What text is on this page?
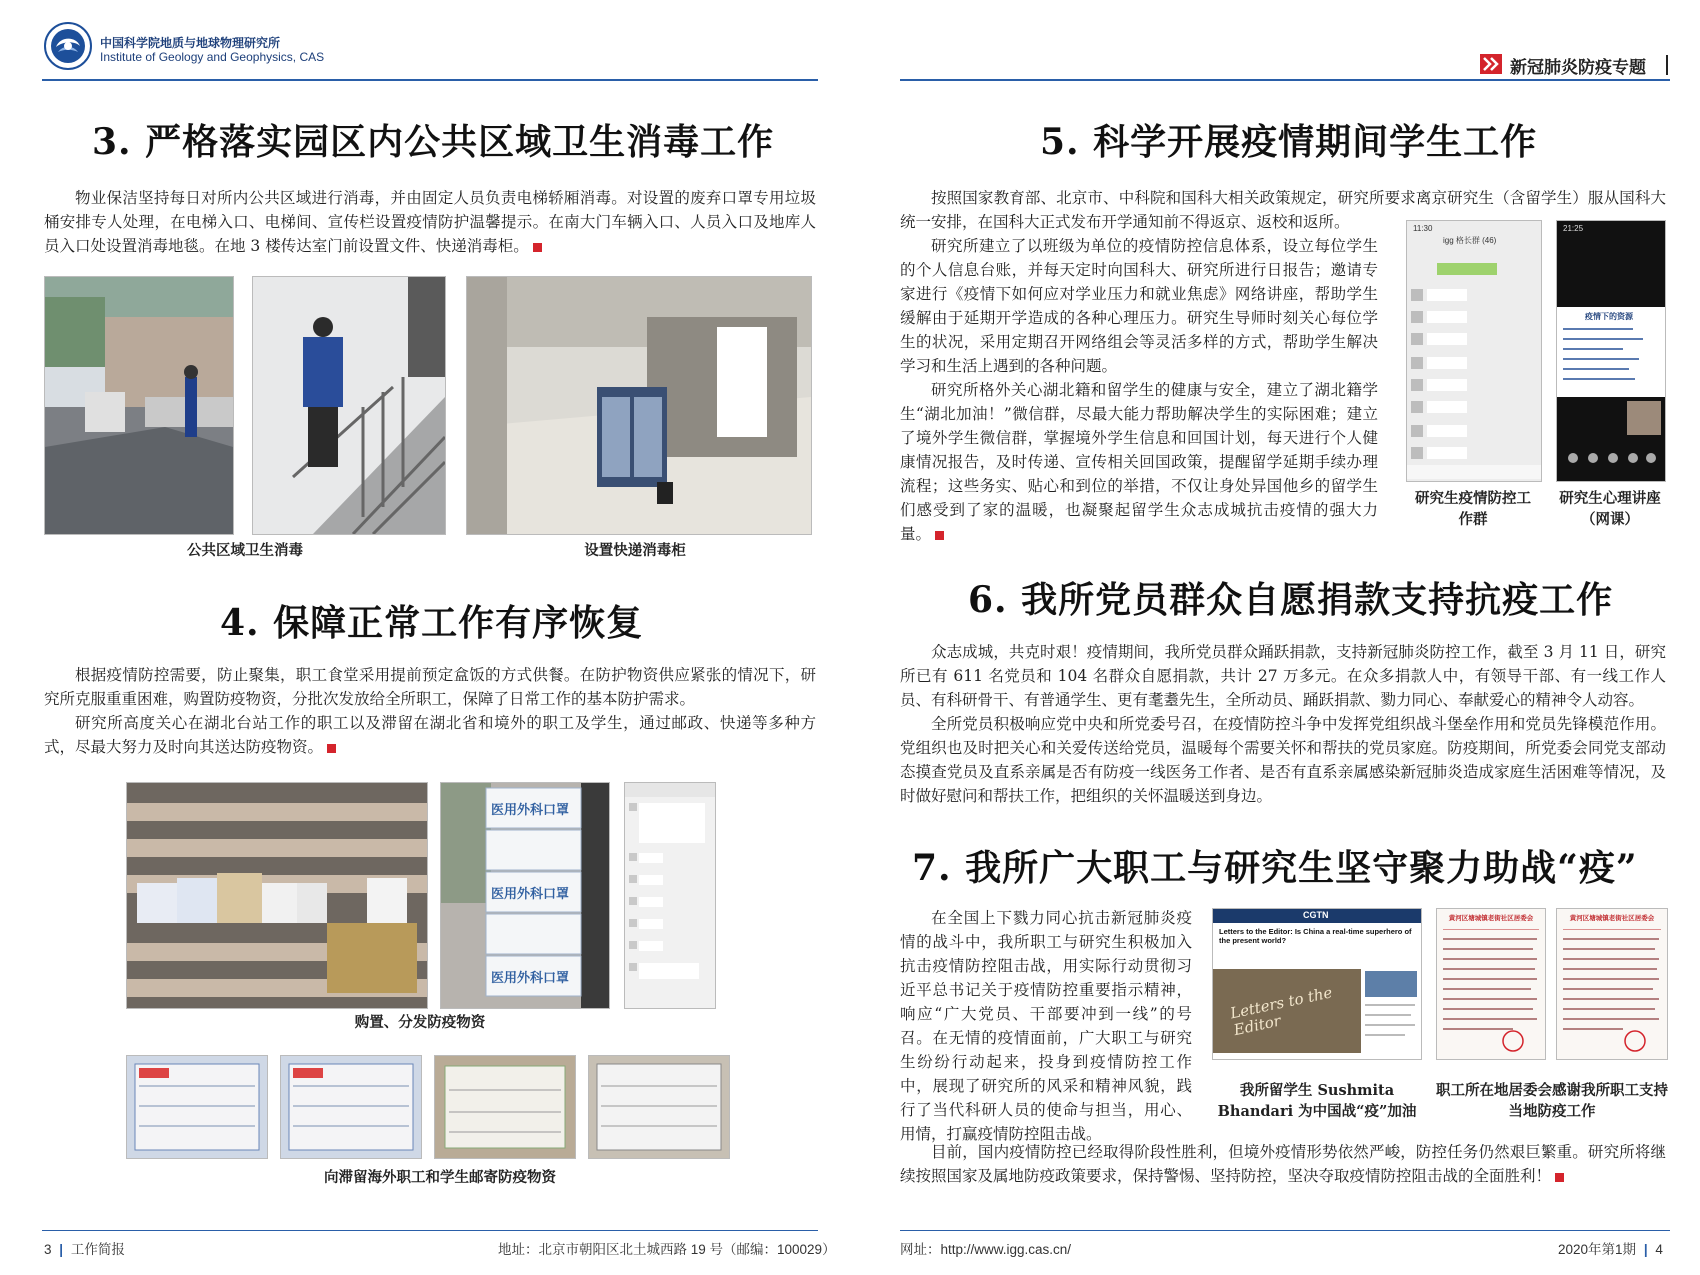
中国科学院地质与地球物理研究所
Institute of Geology and Geophysics, CAS
3. 严格落实园区内公共区域卫生消毒工作

物业保洁坚持每日对所内公共区域进行消毒，并由固定人员负责电梯轿厢消毒。对设置的废弃口罩专用垃圾桶安排专人处理，在电梯入口、电梯间、宣传栏设置疫情防护温馨提示。在南大门车辆入口、人员入口及地库人员入口处设置消毒地毯。在地 3 楼传达室门前设置文件、快递消毒柜。

公共区域卫生消毒	设置快递消毒柜
4. 保障正常工作有序恢复

根据疫情防控需要，防止聚集，职工食堂采用提前预定盒饭的方式供餐。在防护物资供应紧张的情况下，研究所克服重重困难，购置防疫物资，分批次发放给全所职工，保障了日常工作的基本防护需求。

研究所高度关心在湖北台站工作的职工以及滞留在湖北省和境外的职工及学生，通过邮政、快递等多种方式，尽最大努力及时向其送达防疫物资。

医用外科口罩
医用外科口罩
医用外科口罩
购置、分发防疫物资
向滞留海外职工和学生邮寄防疫物资
3 | 工作简报	地址：北京市朝阳区北土城西路 19 号（邮编：100029）
新冠肺炎防疫专题
5. 科学开展疫情期间学生工作

按照国家教育部、北京市、中科院和国科大相关政策规定，研究所要求离京研究生（含留学生）服从国科大统一安排，在国科大正式发布开学通知前不得返京、返校和返所。

研究所建立了以班级为单位的疫情防控信息体系，设立每位学生的个人信息台账，并每天定时向国科大、研究所进行日报告；邀请专家进行《疫情下如何应对学业压力和就业焦虑》网络讲座，帮助学生缓解由于延期开学造成的各种心理压力。研究生导师时刻关心每位学生的状况，采用定期召开网络组会等灵活多样的方式，帮助学生解决学习和生活上遇到的各种问题。

研究所格外关心湖北籍和留学生的健康与安全，建立了湖北籍学生“湖北加油！”微信群，尽最大能力帮助解决学生的实际困难；建立了境外学生微信群，掌握境外学生信息和回国计划，每天进行个人健康情况报告，及时传递、宣传相关回国政策，提醒留学延期手续办理流程；这些务实、贴心和到位的举措，不仅让身处异国他乡的留学生们感受到了家的温暖，也凝聚起留学生众志成城抗击疫情的强大力量。

11:30
igg 格长群 (46)
21:25
疫情下的资源
研究生疫情防控工作群
研究生心理讲座（网课）
6. 我所党员群众自愿捐款支持抗疫工作

众志成城，共克时艰！疫情期间，我所党员群众踊跃捐款，支持新冠肺炎防控工作，截至 3 月 11 日，研究所已有 611 名党员和 104 名群众自愿捐款，共计 27 万多元。在众多捐款人中，有领导干部、有一线工作人员、有科研骨干、有普通学生、更有耄耋先生，全所动员、踊跃捐款、勠力同心、奉献爱心的精神令人动容。

全所党员积极响应党中央和所党委号召，在疫情防控斗争中发挥党组织战斗堡垒作用和党员先锋模范作用。党组织也及时把关心和关爱传送给党员，温暖每个需要关怀和帮扶的党员家庭。防疫期间，所党委会同党支部动态摸查党员及直系亲属是否有防疫一线医务工作者、是否有直系亲属感染新冠肺炎造成家庭生活困难等情况，及时做好慰问和帮扶工作，把组织的关怀温暖送到身边。

7. 我所广大职工与研究生坚守聚力助战“疫”

在全国上下戮力同心抗击新冠肺炎疫情的战斗中，我所职工与研究生积极加入抗击疫情防控阻击战，用实际行动贯彻习近平总书记关于疫情防控重要指示精神，响应“广大党员、干部要冲到一线”的号召。在无情的疫情面前，广大职工与研究生纷纷行动起来，投身到疫情防控工作中，展现了研究所的风采和精神风貌，践行了当代科研人员的使命与担当，用心、用情，打赢疫情防控阻击战。

CGTN
Letters to the Editor: Is China a real-time superhero of the present world?
Letters to the Editor
黄河区塘城镇老街社区居委会	黄河区塘城镇老街社区居委会
我所留学生 Sushmita Bhandari 为中国战“疫”加油
职工所在地居委会感谢我所职工支持当地防疫工作

目前，国内疫情防控已经取得阶段性胜利，但境外疫情形势依然严峻，防控任务仍然艰巨繁重。研究所将继续按照国家及属地防疫政策要求，保持警惕、坚持防控，坚决夺取疫情防控阻击战的全面胜利！

网址：http://www.igg.cas.cn/	2020年第1期 | 4
